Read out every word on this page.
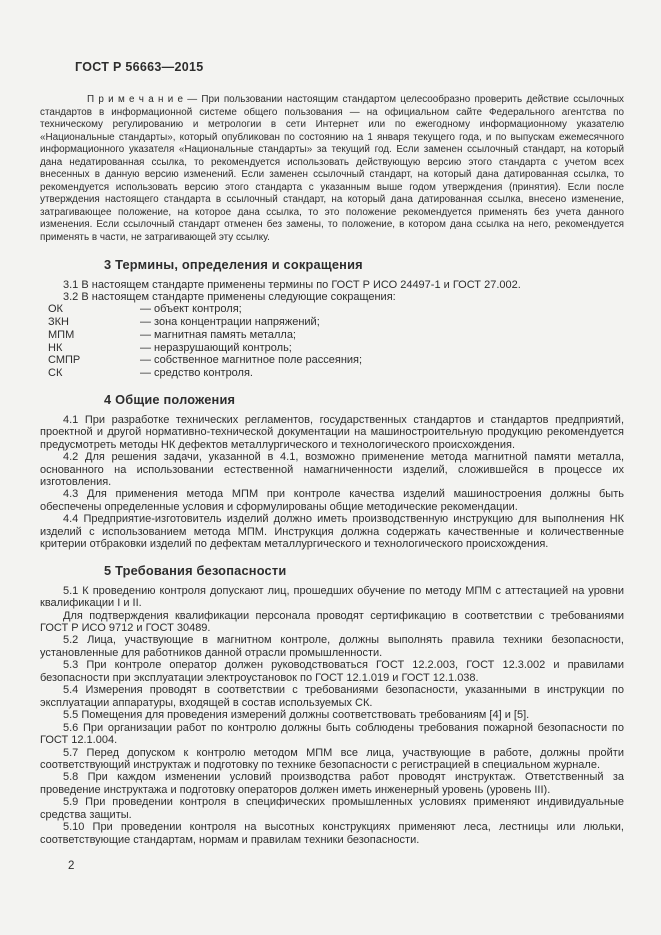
ГОСТ Р 56663—2015

П р и м е ч а н и е — При пользовании настоящим стандартом целесообразно проверить действие ссылочных стандартов в информационной системе общего пользования — на официальном сайте Федерального агентства по техническому регулированию и метрологии в сети Интернет или по ежегодному информационному указателю «Национальные стандарты», который опубликован по состоянию на 1 января текущего года, и по выпускам ежемесячного информационного указателя «Национальные стандарты» за текущий год. Если заменен ссылочный стандарт, на который дана недатированная ссылка, то рекомендуется использовать действующую версию этого стандарта с учетом всех внесенных в данную версию изменений. Если заменен ссылочный стандарт, на который дана датированная ссылка, то рекомендуется использовать версию этого стандарта с указанным выше годом утверждения (принятия). Если после утверждения настоящего стандарта в ссылочный стандарт, на который дана датированная ссылка, внесено изменение, затрагивающее положение, на которое дана ссылка, то это положение рекомендуется применять без учета данного изменения. Если ссылочный стандарт отменен без замены, то положение, в котором дана ссылка на него, рекомендуется применять в части, не затрагивающей эту ссылку.

3 Термины, определения и сокращения

3.1 В настоящем стандарте применены термины по ГОСТ Р ИСО 24497-1 и ГОСТ 27.002.

3.2 В настоящем стандарте применены следующие сокращения:

ОК	— объект контроля;
ЗКН	— зона концентрации напряжений;
МПМ	— магнитная память металла;
НК	— неразрушающий контроль;
СМПР	— собственное магнитное поле рассеяния;
СК	— средство контроля.
4 Общие положения

4.1 При разработке технических регламентов, государственных стандартов и стандартов предприятий, проектной и другой нормативно-технической документации на машиностроительную продукцию рекомендуется предусмотреть методы НК дефектов металлургического и технологического происхождения.

4.2 Для решения задачи, указанной в 4.1, возможно применение метода магнитной памяти металла, основанного на использовании естественной намагниченности изделий, сложившейся в процессе их изготовления.

4.3 Для применения метода МПМ при контроле качества изделий машиностроения должны быть обеспечены определенные условия и сформулированы общие методические рекомендации.

4.4 Предприятие-изготовитель изделий должно иметь производственную инструкцию для выполнения НК изделий с использованием метода МПМ. Инструкция должна содержать качественные и количественные критерии отбраковки изделий по дефектам металлургического и технологического происхождения.

5 Требования безопасности

5.1 К проведению контроля допускают лиц, прошедших обучение по методу МПМ с аттестацией на уровни квалификации I и II.

Для подтверждения квалификации персонала проводят сертификацию в соответствии с требованиями ГОСТ Р ИСО 9712 и ГОСТ 30489.

5.2 Лица, участвующие в магнитном контроле, должны выполнять правила техники безопасности, установленные для работников данной отрасли промышленности.

5.3 При контроле оператор должен руководствоваться ГОСТ 12.2.003, ГОСТ 12.3.002 и правилами безопасности при эксплуатации электроустановок по ГОСТ 12.1.019 и ГОСТ 12.1.038.

5.4 Измерения проводят в соответствии с требованиями безопасности, указанными в инструкции по эксплуатации аппаратуры, входящей в состав используемых СК.

5.5 Помещения для проведения измерений должны соответствовать требованиям [4] и [5].

5.6 При организации работ по контролю должны быть соблюдены требования пожарной безопасности по ГОСТ 12.1.004.

5.7 Перед допуском к контролю методом МПМ все лица, участвующие в работе, должны пройти соответствующий инструктаж и подготовку по технике безопасности с регистрацией в специальном журнале.

5.8 При каждом изменении условий производства работ проводят инструктаж. Ответственный за проведение инструктажа и подготовку операторов должен иметь инженерный уровень (уровень III).

5.9 При проведении контроля в специфических промышленных условиях применяют индивидуальные средства защиты.

5.10 При проведении контроля на высотных конструкциях применяют леса, лестницы или люльки, соответствующие стандартам, нормам и правилам техники безопасности.

2
